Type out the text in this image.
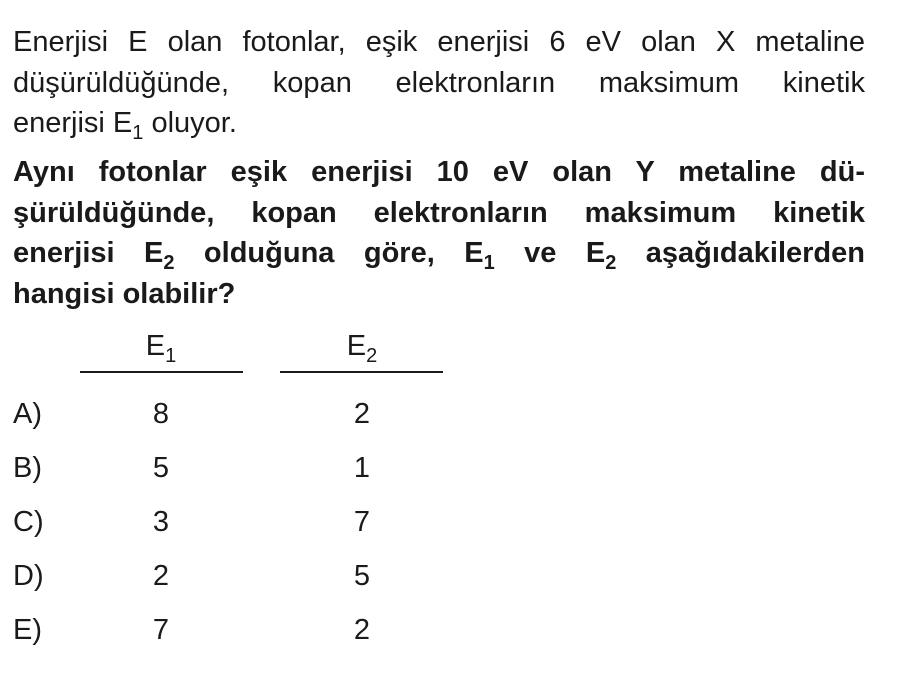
Enerjisi E olan fotonlar, eşik enerjisi 6 eV olan X metaline
düşürüldüğünde, kopan elektronların maksimum kinetik
enerjisi $E_1$ oluyor.
Aynı fotonlar eşik enerjisi 10 eV olan Y metaline dü-
şürüldüğünde, kopan elektronların maksimum kinetik
enerjisi $E_2$ olduğuna göre, $E_1$ ve $E_2$ aşağıdakilerden
hangisi olabilir?
$E_1$	$E_2$
A)	8	2
B)	5	1
C)	3	7
D)	2	5
E)	7	2
